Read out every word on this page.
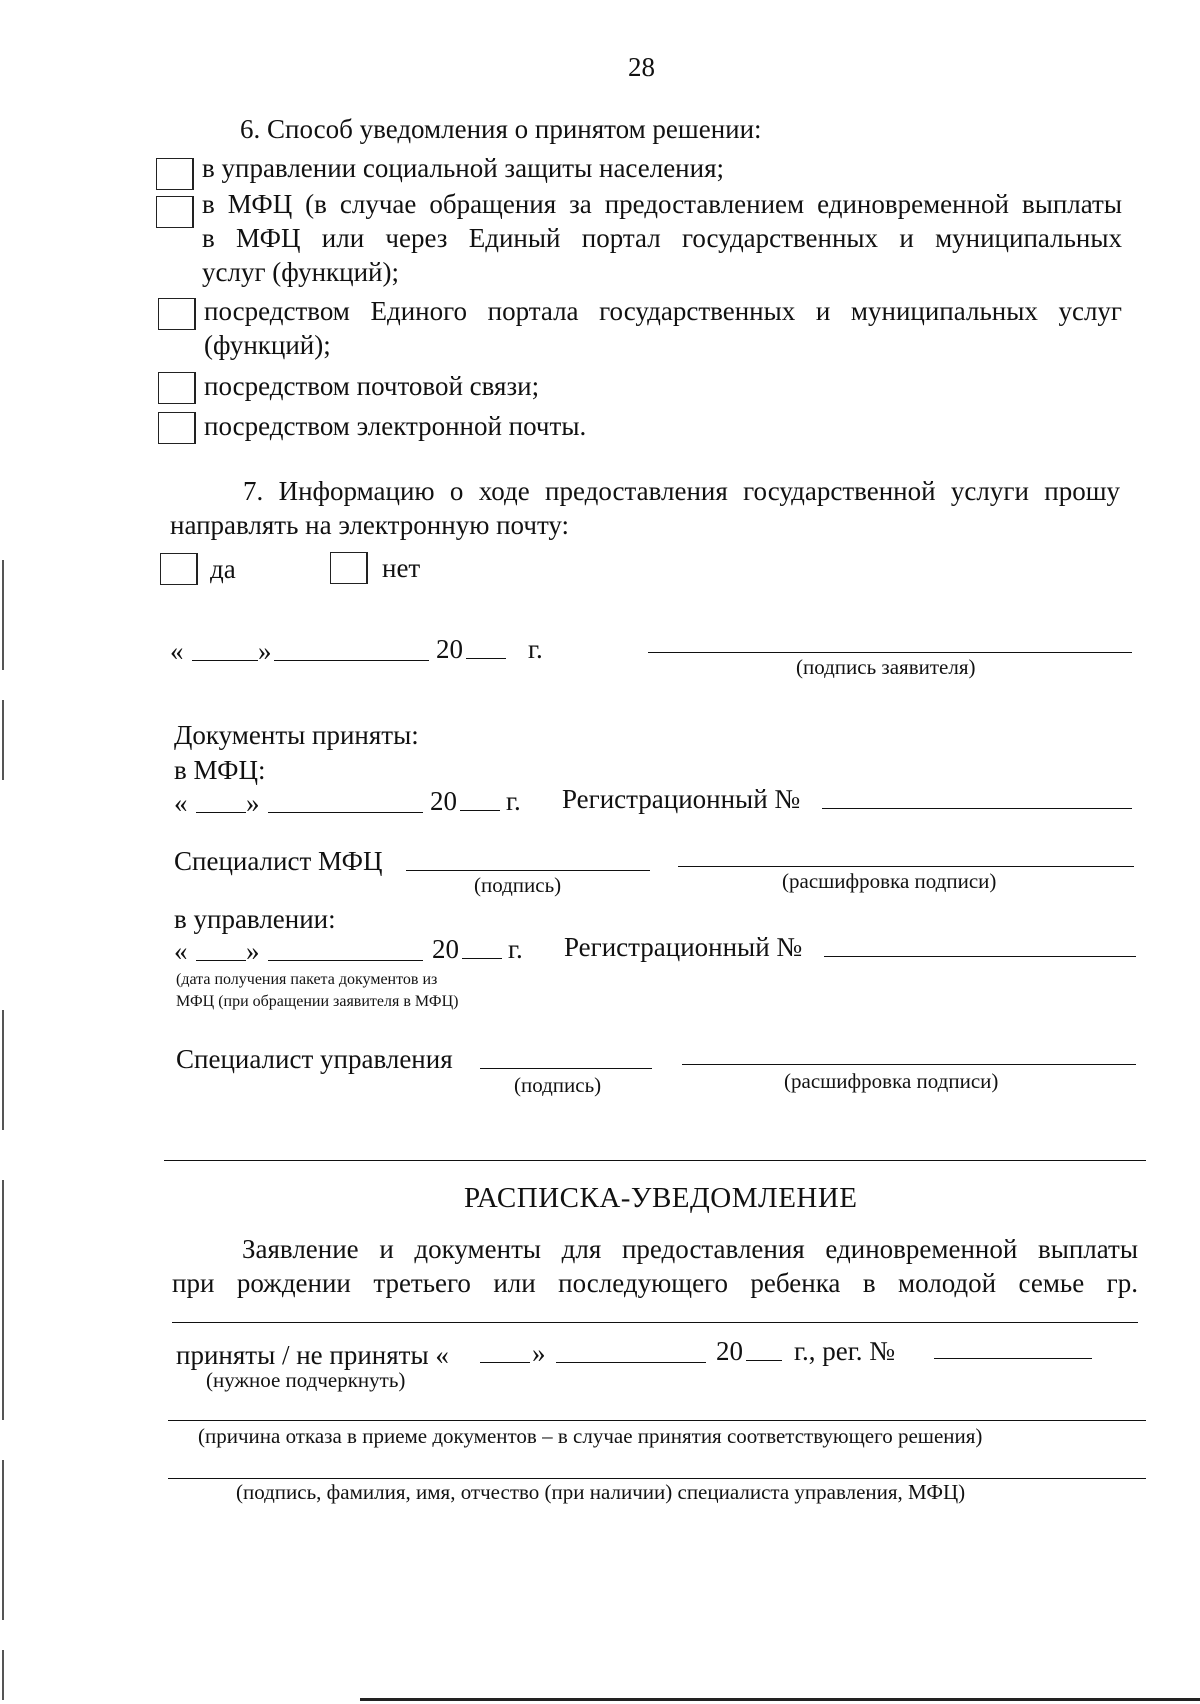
28
6. Способ уведомления о принятом решении:
в управлении социальной защиты населения;
в МФЦ (в случае обращения за предоставлением единовременной выплаты
в МФЦ или через Единый портал государственных и муниципальных
услуг (функций);
посредством Единого портала государственных и муниципальных услуг
(функций);
посредством почтовой связи;
посредством электронной почты.
7. Информацию о ходе предоставления государственной услуги прошу
направлять на электронную почту:
да	нет
«	»	20 г.
(подпись заявителя)
Документы приняты:
в МФЦ:
« »	20 г. Регистрационный №
Специалист МФЦ
(подпись)	(расшифровка подписи)
в управлении:
« »	20 г. Регистрационный №
(дата получения пакета документов из
МФЦ (при обращении заявителя в МФЦ)
Специалист управления
(подпись)	(расшифровка подписи)
РАСПИСКА-УВЕДОМЛЕНИЕ
Заявление и документы для предоставления единовременной выплаты
при рождении третьего или последующего ребенка в молодой семье гр.
приняты / не приняты «	»	20 г., рег. №
(нужное подчеркнуть)
(причина отказа в приеме документов – в случае принятия соответствующего решения)
(подпись, фамилия, имя, отчество (при наличии) специалиста управления, МФЦ)
